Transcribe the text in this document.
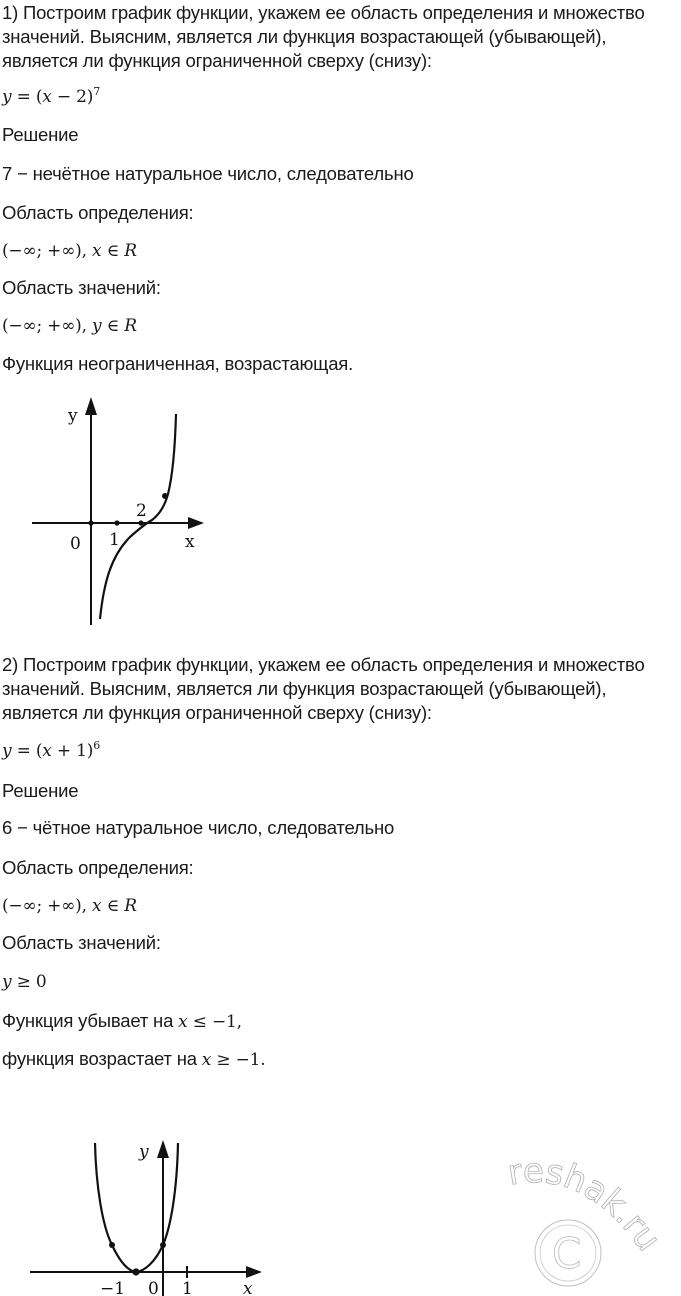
1) Построим график функции, укажем ее область определения и множество
значений. Выясним, является ли функция возрастающей (убывающей),
является ли функция ограниченной сверху (снизу):
$y = (x - 2)^7$
Решение
7 − нечётное натуральное число, следовательно
Область определения:
(−∞; +∞), x ∈ R
Область значений:
(−∞; +∞), y ∈ R
Функция неограниченная, возрастающая.
y
x
0 1
2
2) Построим график функции, укажем ее область определения и множество
значений. Выясним, является ли функция возрастающей (убывающей),
является ли функция ограниченной сверху (снизу):
$y = (x + 1)^6$
Решение
6 − чётное натуральное число, следовательно
Область определения:
(−∞; +∞), x ∈ R
Область значений:
y ≥ 0
Функция убывает на x ≤ −1,
функция возрастает на x ≥ −1.
y
x
0
−1	1
reshak.ru
C
